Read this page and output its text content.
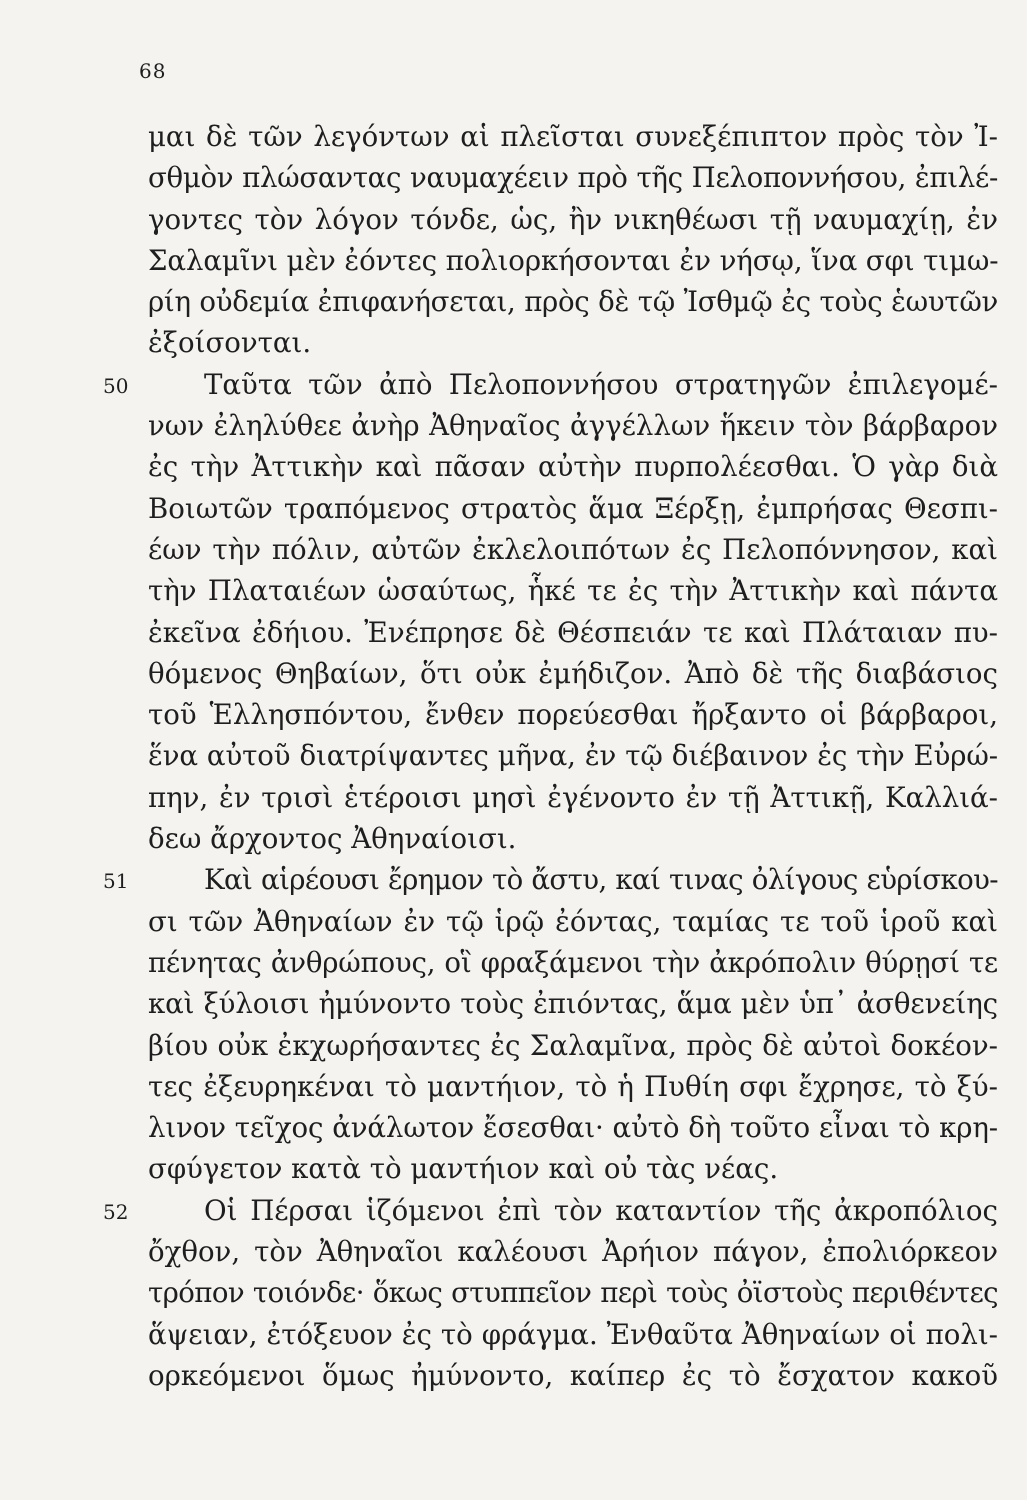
68
μαι δὲ τῶν λεγόντων αἱ πλεῖσται συνεξέπιπτον πρὸς τὸν Ἰ-
σθμὸν πλώσαντας ναυμαχέειν πρὸ τῆς Πελοποννήσου, ἐπιλέ-
γοντες τὸν λόγον τόνδε, ὡς, ἢν νικηθέωσι τῇ ναυμαχίῃ, ἐν
Σαλαμῖνι μὲν ἐόντες πολιορκήσονται ἐν νήσῳ, ἵνα σφι τιμω-
ρίη οὐδεμία ἐπιφανήσεται, πρὸς δὲ τῷ Ἰσθμῷ ἐς τοὺς ἑωυτῶν
ἐξοίσονται.
50	Ταῦτα τῶν ἀπὸ Πελοποννήσου στρατηγῶν ἐπιλεγομέ-
νων ἐληλύθεε ἀνὴρ Ἀθηναῖος ἀγγέλλων ἥκειν τὸν βάρβαρον
ἐς τὴν Ἀττικὴν καὶ πᾶσαν αὐτὴν πυρπολέεσθαι. Ὁ γὰρ διὰ
Βοιωτῶν τραπόμενος στρατὸς ἅμα Ξέρξῃ, ἐμπρήσας Θεσπι-
έων τὴν πόλιν, αὐτῶν ἐκλελοιπότων ἐς Πελοπόννησον, καὶ
τὴν Πλαταιέων ὡσαύτως, ἧκέ τε ἐς τὴν Ἀττικὴν καὶ πάντα
ἐκεῖνα ἐδήιου. Ἐνέπρησε δὲ Θέσπειάν τε καὶ Πλάταιαν πυ-
θόμενος Θηβαίων, ὅτι οὐκ ἐμήδιζον. Ἀπὸ δὲ τῆς διαβάσιος
τοῦ Ἑλλησπόντου, ἔνθεν πορεύεσθαι ἤρξαντο οἱ βάρβαροι,
ἕνα αὐτοῦ διατρίψαντες μῆνα, ἐν τῷ διέβαινον ἐς τὴν Εὐρώ-
πην, ἐν τρισὶ ἑτέροισι μησὶ ἐγένοντο ἐν τῇ Ἀττικῇ, Καλλιά-
δεω ἄρχοντος Ἀθηναίοισι.
51	Καὶ αἱρέουσι ἔρημον τὸ ἄστυ, καί τινας ὀλίγους εὑρίσκου-
σι τῶν Ἀθηναίων ἐν τῷ ἱρῷ ἐόντας, ταμίας τε τοῦ ἱροῦ καὶ
πένητας ἀνθρώπους, οἳ φραξάμενοι τὴν ἀκρόπολιν θύρῃσί τε
καὶ ξύλοισι ἠμύνοντο τοὺς ἐπιόντας, ἅμα μὲν ὑπ᾽ ἀσθενείης
βίου οὐκ ἐκχωρήσαντες ἐς Σαλαμῖνα, πρὸς δὲ αὐτοὶ δοκέον-
τες ἐξευρηκέναι τὸ μαντήιον, τὸ ἡ Πυθίη σφι ἔχρησε, τὸ ξύ-
λινον τεῖχος ἀνάλωτον ἔσεσθαι· αὐτὸ δὴ τοῦτο εἶναι τὸ κρη-
σφύγετον κατὰ τὸ μαντήιον καὶ οὐ τὰς νέας.
52	Οἱ Πέρσαι ἱζόμενοι ἐπὶ τὸν καταντίον τῆς ἀκροπόλιος
ὄχθον, τὸν Ἀθηναῖοι καλέουσι Ἀρήιον πάγον, ἐπολιόρκεον
τρόπον τοιόνδε· ὅκως στυππεῖον περὶ τοὺς ὀϊστοὺς περιθέντες
ἅψειαν, ἐτόξευον ἐς τὸ φράγμα. Ἐνθαῦτα Ἀθηναίων οἱ πολι-
ορκεόμενοι ὅμως ἠμύνοντο, καίπερ ἐς τὸ ἔσχατον κακοῦ
